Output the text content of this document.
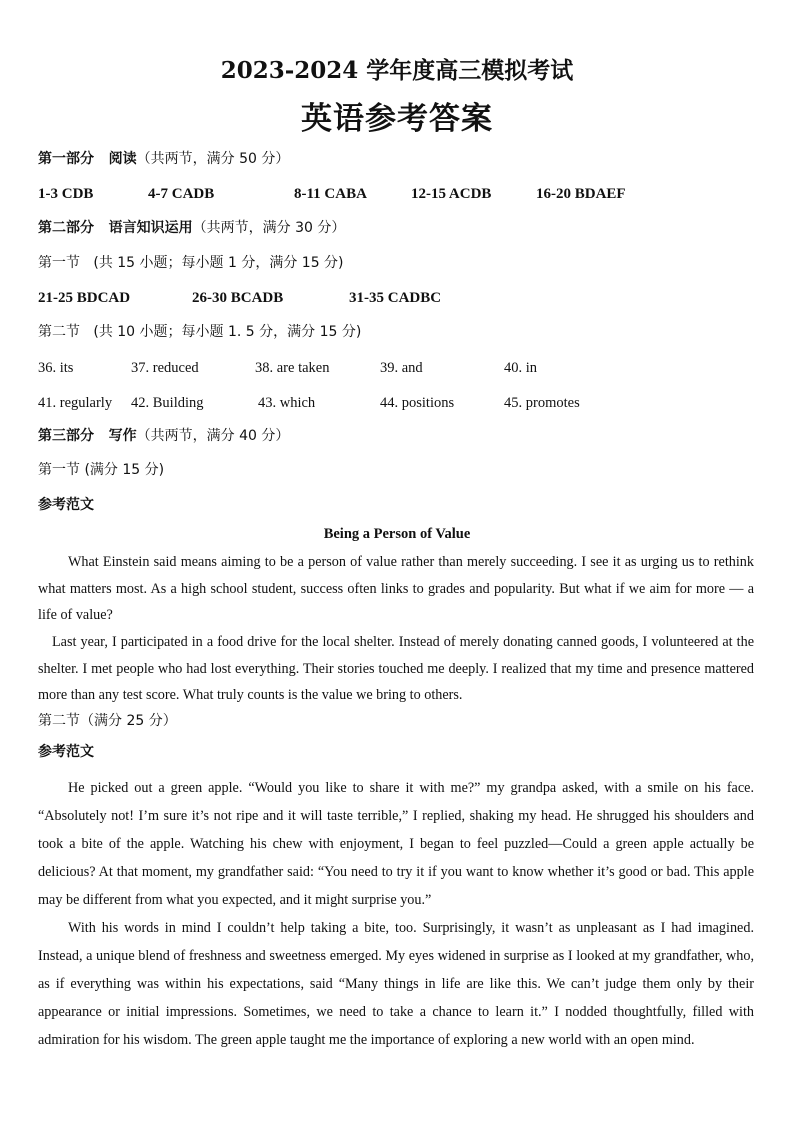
2023-2024 学年度高三模拟考试
英语参考答案
第一部分 阅读（共两节，满分 50 分）
1-3 CDB	4-7 CADB	8-11 CABA	12-15 ACDB	16-20 BDAEF
第二部分 语言知识运用（共两节，满分 30 分）
第一节 (共 15 小题；每小题 1 分，满分 15 分)
21-25 BDCAD	26-30 BCADB	31-35 CADBC
第二节 (共 10 小题；每小题 1. 5 分，满分 15 分)
36. its	37. reduced	38. are taken	39. and	40. in
41. regularly 42. Building	43. which	44. positions	45. promotes
第三部分 写作（共两节，满分 40 分）
第一节 (满分 15 分)
参考范文
Being a Person of Value
What Einstein said means aiming to be a person of value rather than merely succeeding. I see it as urging us to rethink what matters most. As a high school student, success often links to grades and popularity. But what if we aim for more — a life of value?
Last year, I participated in a food drive for the local shelter. Instead of merely donating canned goods, I volunteered at the shelter. I met people who had lost everything. Their stories touched me deeply. I realized that my time and presence mattered more than any test score. What truly counts is the value we bring to others.
第二节（满分 25 分）
参考范文
He picked out a green apple. “Would you like to share it with me?” my grandpa asked, with a smile on his face. “Absolutely not! I’m sure it’s not ripe and it will taste terrible,” I replied, shaking my head. He shrugged his shoulders and took a bite of the apple. Watching his chew with enjoyment, I began to feel puzzled—Could a green apple actually be delicious? At that moment, my grandfather said: “You need to try it if you want to know whether it’s good or bad. This apple may be different from what you expected, and it might surprise you.”
With his words in mind I couldn’t help taking a bite, too. Surprisingly, it wasn’t as unpleasant as I had imagined. Instead, a unique blend of freshness and sweetness emerged. My eyes widened in surprise as I looked at my grandfather, who, as if everything was within his expectations, said “Many things in life are like this. We can’t judge them only by their appearance or initial impressions. Sometimes, we need to take a chance to learn it.” I nodded thoughtfully, filled with admiration for his wisdom. The green apple taught me the importance of exploring a new world with an open mind.
